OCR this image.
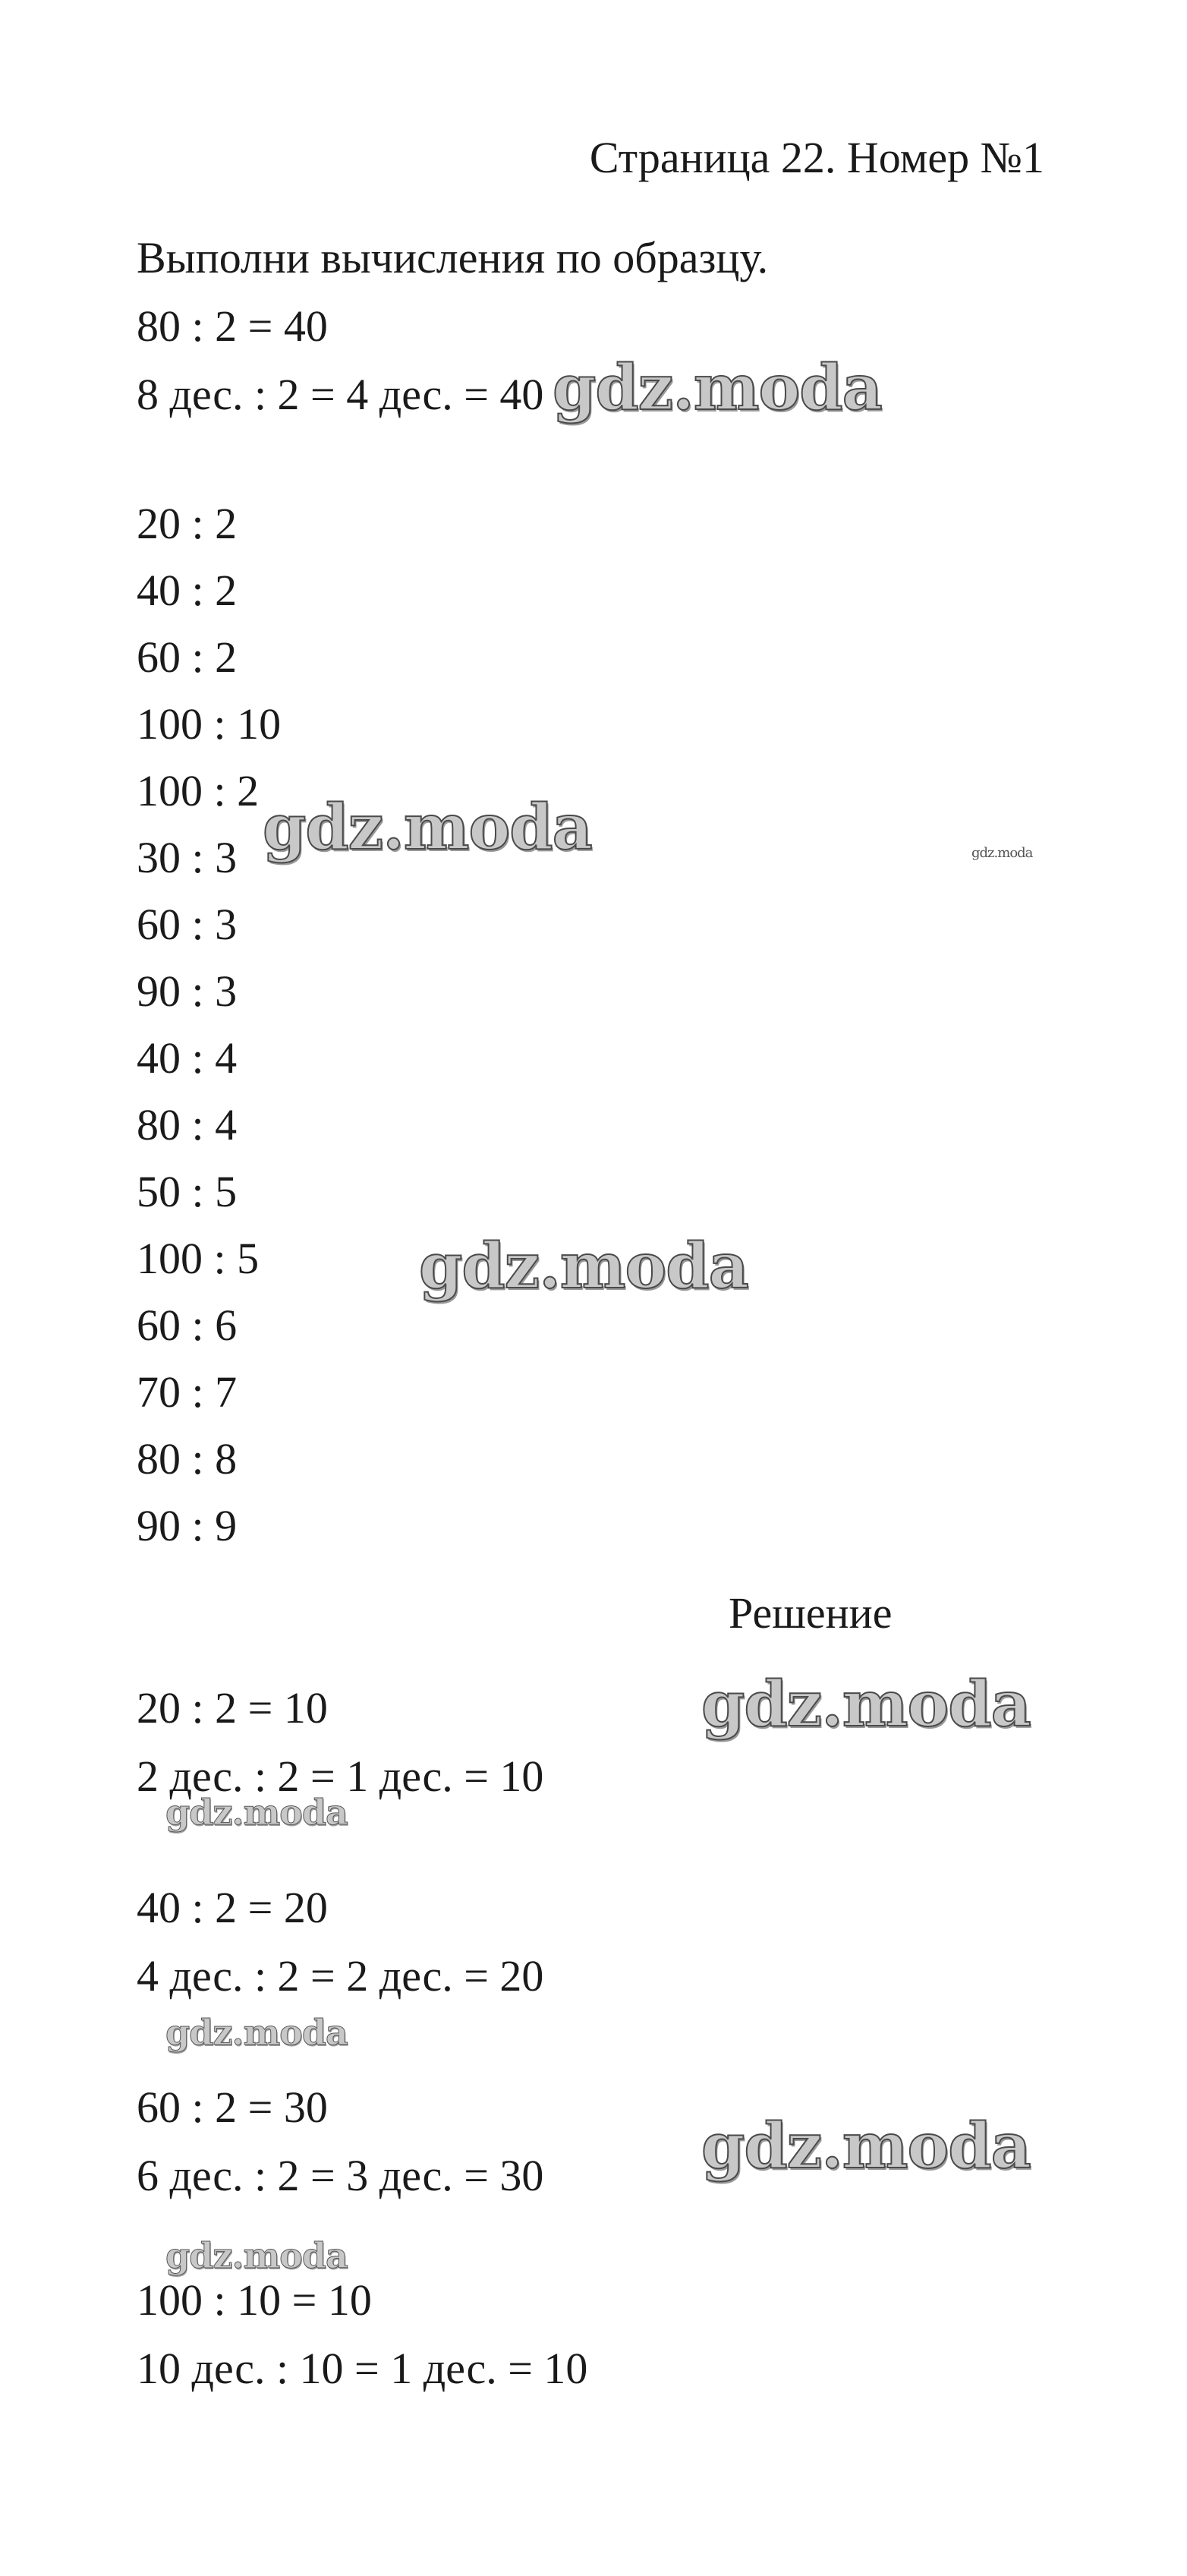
Страница 22. Номер №1
Выполни вычисления по образцу.
80 : 2 = 40
8 дес. : 2 = 4 дес. = 40
20 : 2
40 : 2
60 : 2
100 : 10
100 : 2
30 : 3
60 : 3
90 : 3
40 : 4
80 : 4
50 : 5
100 : 5
60 : 6
70 : 7
80 : 8
90 : 9
Решение
20 : 2 = 10
2 дес. : 2 = 1 дес. = 10
40 : 2 = 20
4 дес. : 2 = 2 дес. = 20
60 : 2 = 30
6 дес. : 2 = 3 дес. = 30
100 : 10 = 10
10 дес. : 10 = 1 дес. = 10
gdz.moda
gdz.moda	gdz.moda
gdz.moda
gdz.moda
gdz.moda
gdz.moda
gdz.moda
gdz.moda
